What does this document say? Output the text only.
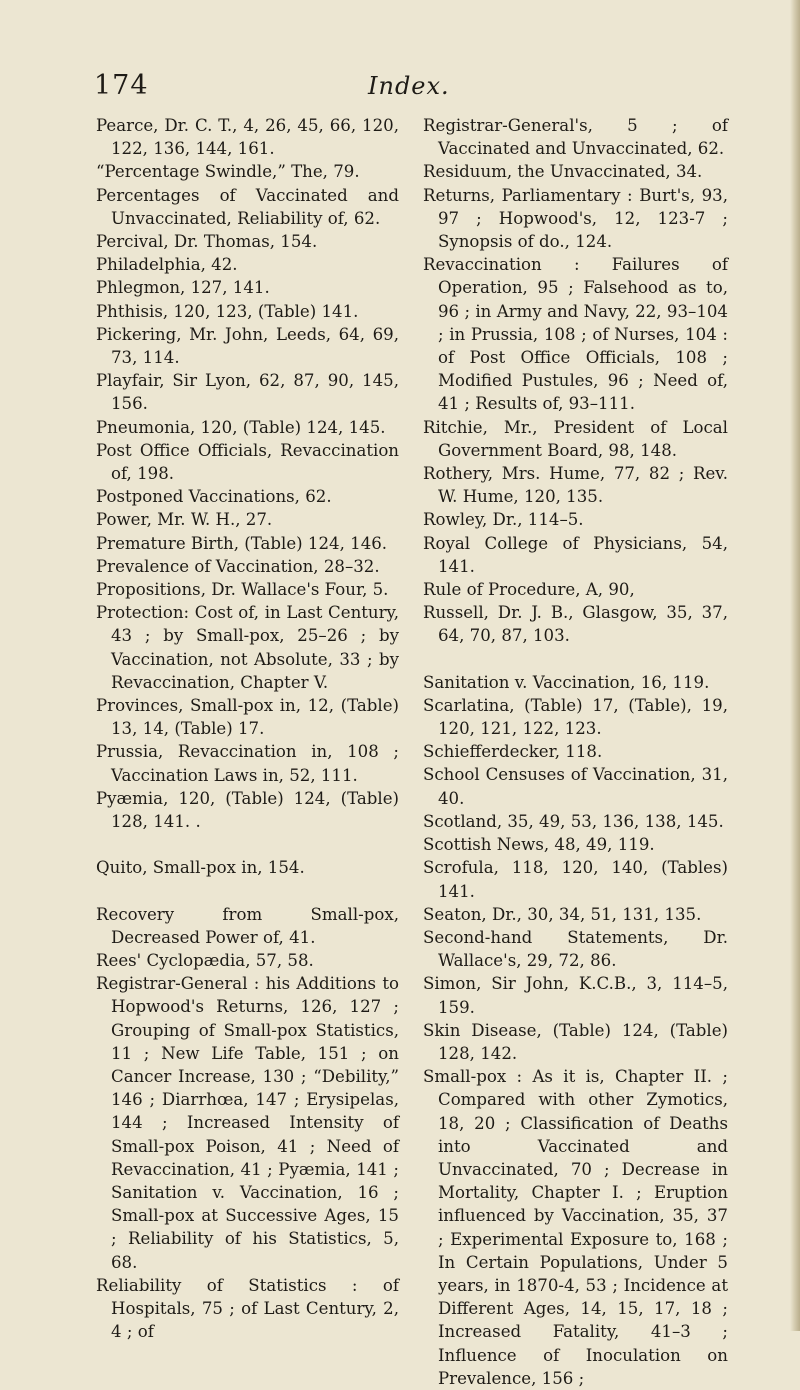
174	Index.

Pearce, Dr. C. T., 4, 26, 45, 66, 120, 122, 136, 144, 161.

“Percentage Swindle,” The, 79.

Percentages of Vaccinated and Unvaccinated, Reliability of, 62.

Percival, Dr. Thomas, 154.

Philadelphia, 42.

Phlegmon, 127, 141.

Phthisis, 120, 123, (Table) 141.

Pickering, Mr. John, Leeds, 64, 69, 73, 114.

Playfair, Sir Lyon, 62, 87, 90, 145, 156.

Pneumonia, 120, (Table) 124, 145.

Post Office Officials, Revaccination of, 198.

Postponed Vaccinations, 62.

Power, Mr. W. H., 27.

Premature Birth, (Table) 124, 146.

Prevalence of Vaccination, 28–32.

Propositions, Dr. Wallace's Four, 5.

Protection: Cost of, in Last Century, 43 ; by Small-pox, 25–26 ; by Vaccination, not Absolute, 33 ; by Revaccination, Chapter V.

Provinces, Small-pox in, 12, (Table) 13, 14, (Table) 17.

Prussia, Revaccination in, 108 ; Vaccination Laws in, 52, 111.

Pyæmia, 120, (Table) 124, (Table) 128, 141. .

Quito, Small-pox in, 154.

Recovery from Small-pox, Decreased Power of, 41.

Rees' Cyclopædia, 57, 58.

Registrar-General : his Additions to Hopwood's Returns, 126, 127 ; Grouping of Small-pox Statistics, 11 ; New Life Table, 151 ; on Cancer Increase, 130 ; “Debility,” 146 ; Diarrhœa, 147 ; Erysipelas, 144 ; Increased Intensity of Small-pox Poison, 41 ; Need of Revaccination, 41 ; Pyæmia, 141 ; Sanitation v. Vaccination, 16 ; Small-pox at Successive Ages, 15 ; Reliability of his Statistics, 5, 68.

Reliability of Statistics : of Hospitals, 75 ; of Last Century, 2, 4 ; of

Registrar-General's, 5 ; of Vaccinated and Unvaccinated, 62.

Residuum, the Unvaccinated, 34.

Returns, Parliamentary : Burt's, 93, 97 ; Hopwood's, 12, 123-7 ; Synopsis of do., 124.

Revaccination : Failures of Operation, 95 ; Falsehood as to, 96 ; in Army and Navy, 22, 93–104 ; in Prussia, 108 ; of Nurses, 104 : of Post Office Officials, 108 ; Modified Pustules, 96 ; Need of, 41 ; Results of, 93–111.

Ritchie, Mr., President of Local Government Board, 98, 148.

Rothery, Mrs. Hume, 77, 82 ; Rev. W. Hume, 120, 135.

Rowley, Dr., 114–5.

Royal College of Physicians, 54, 141.

Rule of Procedure, A, 90,

Russell, Dr. J. B., Glasgow, 35, 37, 64, 70, 87, 103.

Sanitation v. Vaccination, 16, 119.

Scarlatina, (Table) 17, (Table), 19, 120, 121, 122, 123.

Schiefferdecker, 118.

School Censuses of Vaccination, 31, 40.

Scotland, 35, 49, 53, 136, 138, 145.

Scottish News, 48, 49, 119.

Scrofula, 118, 120, 140, (Tables) 141.

Seaton, Dr., 30, 34, 51, 131, 135.

Second-hand Statements, Dr. Wallace's, 29, 72, 86.

Simon, Sir John, K.C.B., 3, 114–5, 159.

Skin Disease, (Table) 124, (Table) 128, 142.

Small-pox : As it is, Chapter II. ; Compared with other Zymotics, 18, 20 ; Classification of Deaths into Vaccinated and Unvaccinated, 70 ; Decrease in Mortality, Chapter I. ; Eruption influenced by Vaccination, 35, 37 ; Experimental Exposure to, 168 ; In Certain Populations, Under 5 years, in 1870-4, 53 ; Incidence at Different Ages, 14, 15, 17, 18 ; Increased Fatality, 41–3 ; Influence of Inoculation on Prevalence, 156 ;
